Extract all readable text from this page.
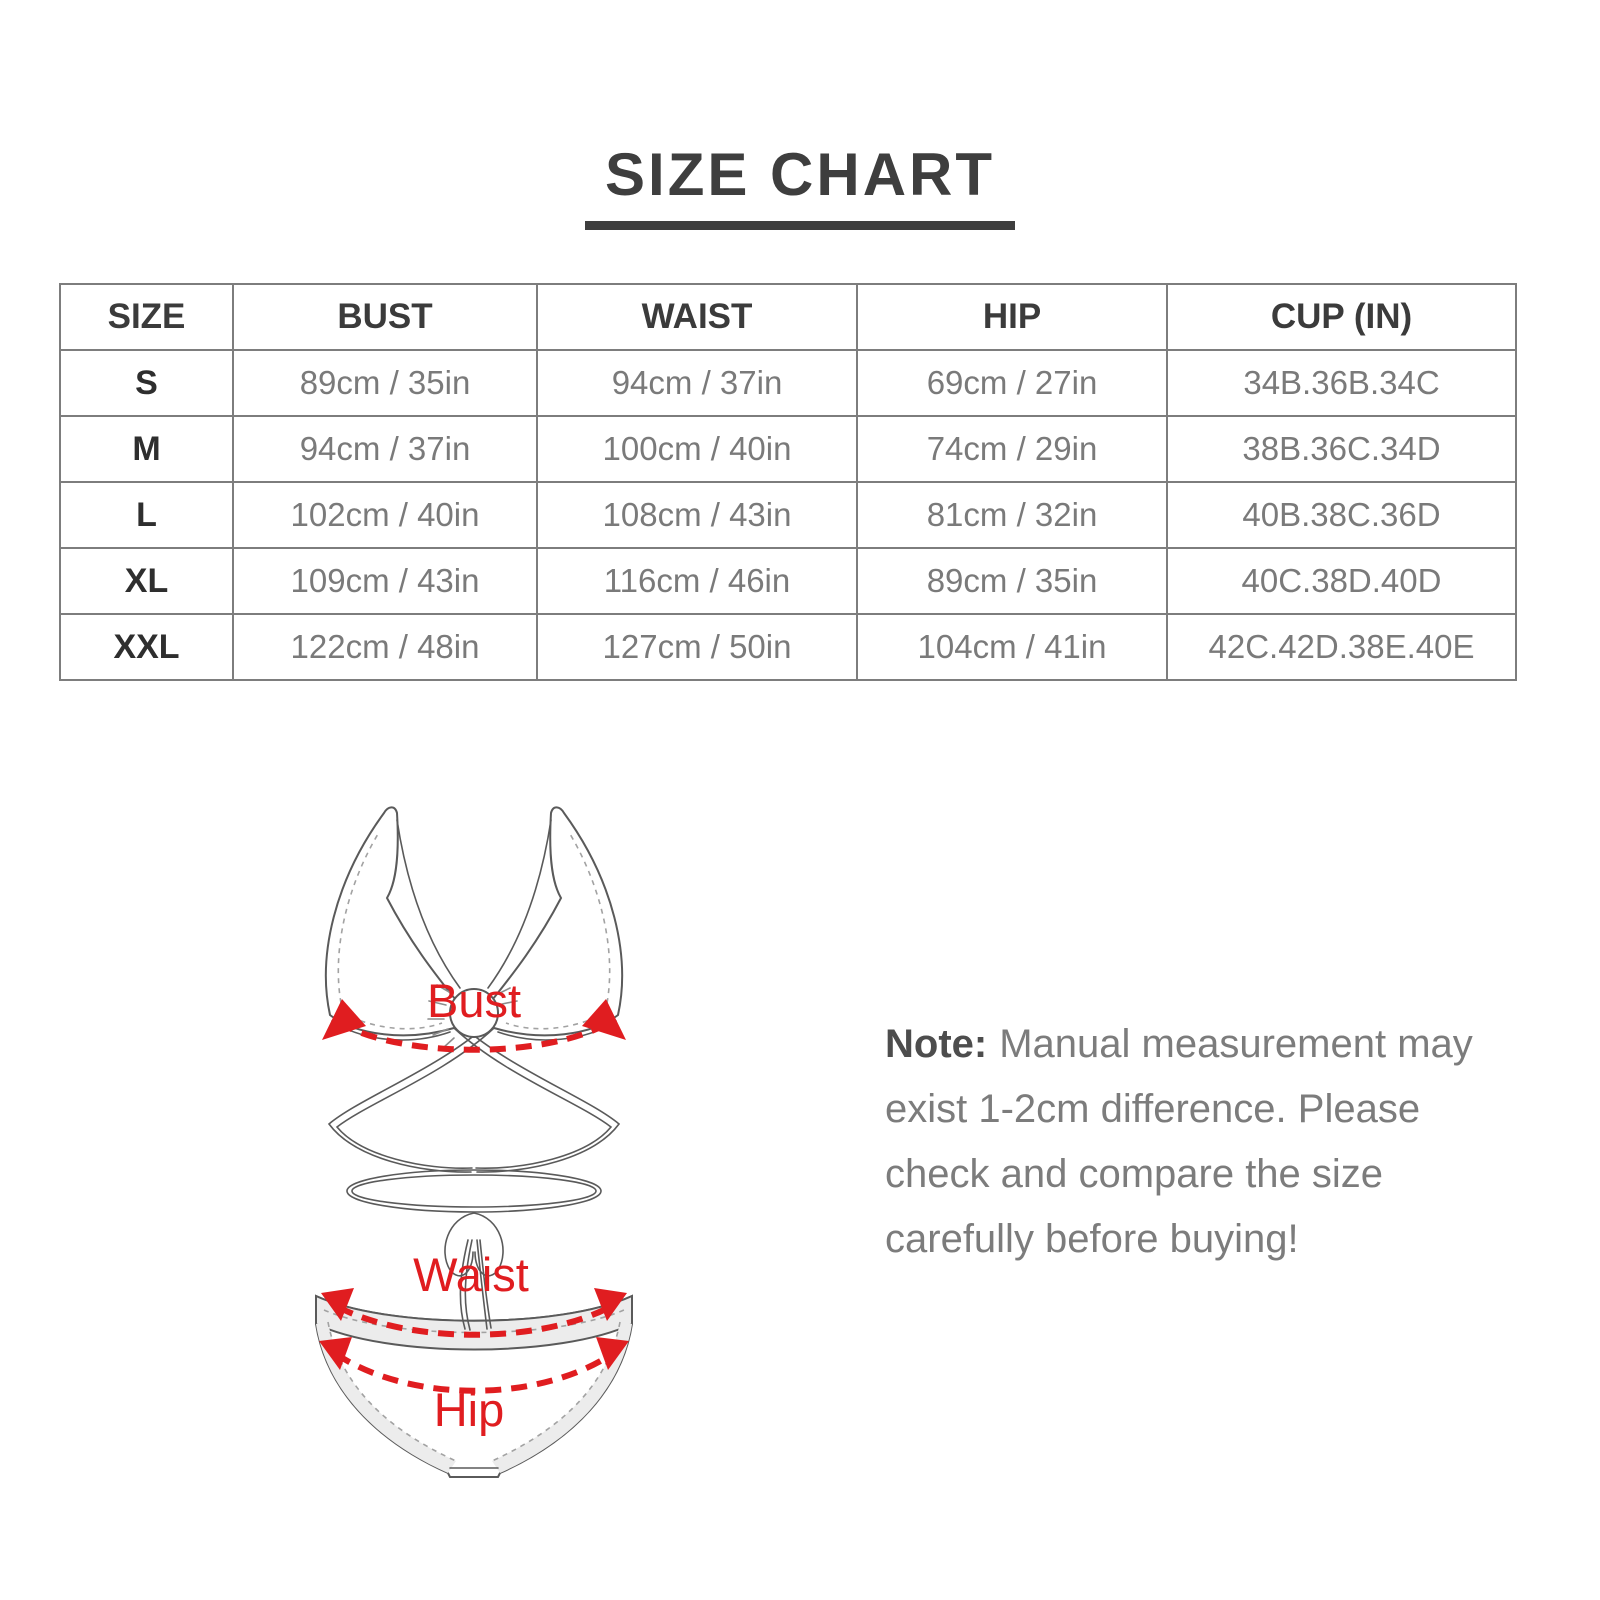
SIZE CHART
SIZE	BUST	WAIST	HIP	CUP (IN)
S	89cm / 35in	94cm / 37in	69cm / 27in	34B.36B.34C
M	94cm / 37in	100cm / 40in	74cm / 29in	38B.36C.34D
L	102cm / 40in	108cm / 43in	81cm / 32in	40B.38C.36D
XL	109cm / 43in	116cm / 46in	89cm / 35in	40C.38D.40D
XXL	122cm / 48in	127cm / 50in	104cm / 41in	42C.42D.38E.40E
Bust
Waist
Hip
Note: Manual measurement may
exist 1-2cm difference. Please
check and compare the size
carefully before buying!
